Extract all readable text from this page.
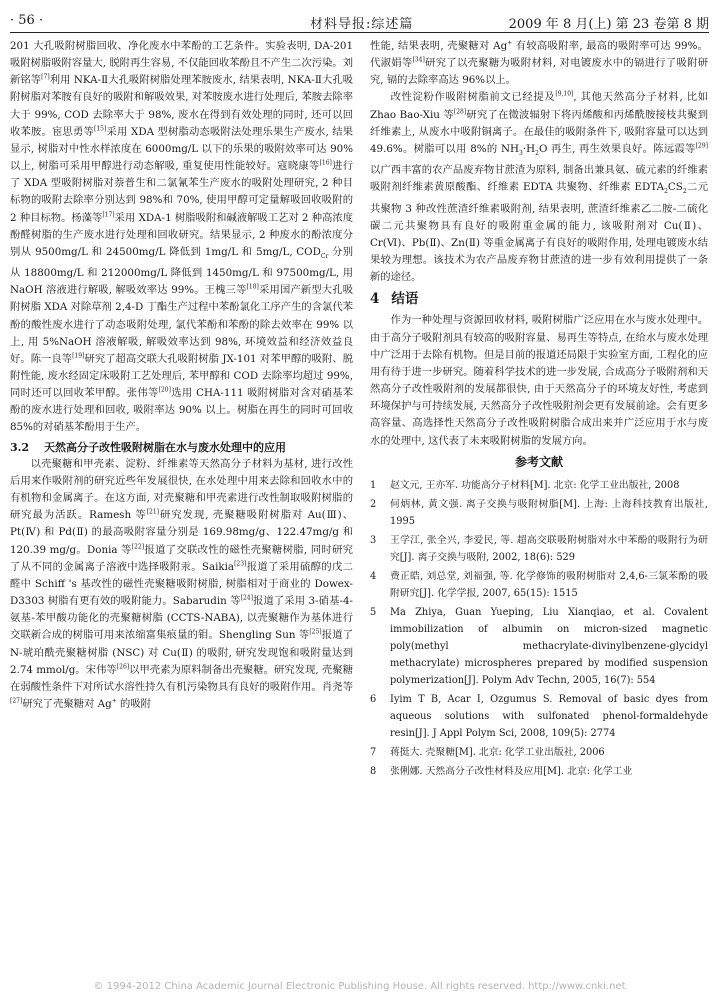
· 56 ·	材料导报:综述篇	2009 年 8 月(上) 第 23 卷第 8 期

201 大孔吸附树脂回收、净化废水中苯酚的工艺条件。实验表明, DA-201 吸附树脂吸附容量大, 脱附再生容易, 不仅能回收苯酚且不产生二次污染。刘新铭等[7]利用 NKA-Ⅱ大孔吸附树脂处理苯胺废水, 结果表明, NKA-Ⅱ大孔吸附树脂对苯胺有良好的吸附和解吸效果, 对苯胺废水进行处理后, 苯胺去除率大于 99%, COD 去除率大于 98%, 废水在得到有效处理的同时, 还可以回收苯胺。宦思勇等[15]采用 XDA 型树脂动态吸附法处理乐果生产废水, 结果显示, 树脂对中性水样浓度在 6000mg/L 以下的乐果的吸附效率可达 90%以上, 树脂可采用甲醇进行动态解吸, 重复使用性能较好。寇晓康等[16]进行了 XDA 型吸附树脂对萘普生和二氯氰苯生产废水的吸附处理研究, 2 种目标物的吸附去除率分别达到 98%和 70%, 使用甲醇可定量解吸回收吸附的 2 种目标物。杨藻等[17]采用 XDA-1 树脂吸附和碱液解吸工艺对 2 种高浓度酚醛树脂的生产废水进行处理和回收研究。结果显示, 2 种废水的酚浓度分别从 9500mg/L 和 24500mg/L 降低到 1mg/L 和 5mg/L, $COD_{Cr}$ 分别从 18800mg/L 和 212000mg/L 降低到 1450mg/L 和 97500mg/L, 用 NaOH 溶液进行解吸, 解吸效率达 99%。王槐三等[18]采用国产新型大孔吸附树脂 XDA 对除草剂 2,4-D 丁酯生产过程中苯酚氯化工序产生的含氯代苯酚的酸性废水进行了动态吸附处理, 氯代苯酚和苯酚的除去效率在 99% 以上, 用 5%NaOH 溶液解吸, 解吸效率达到 98%, 环境效益和经济效益良好。陈一良等[19]研究了超高交联大孔吸附树脂 JX-101 对苯甲醇的吸附、脱附性能, 废水经固定床吸附工艺处理后, 苯甲醇和 COD 去除率均超过 99%, 同时还可以回收苯甲醇。张伟等[20]选用 CHA-111 吸附树脂对含对硝基苯酚的废水进行处理和回收, 吸附率达 90% 以上。树脂在再生的同时可回收 85%的对硝基苯酚用于生产。

3.2	天然高分子改性吸附树脂在水与废水处理中的应用

以壳聚糖和甲壳素、淀粉、纤维素等天然高分子材料为基材, 进行改性后用来作吸附剂的研究近些年发展很快, 在水处理中用来去除和回收水中的有机物和金属离子。在这方面, 对壳聚糖和甲壳素进行改性制取吸附树脂的研究最为活跃。Ramesh 等[21]研究发现, 壳聚糖吸附树脂对 Au(Ⅲ)、Pt(Ⅳ) 和 Pd(Ⅱ) 的最高吸附容量分别是 169.98mg/g、122.47mg/g 和 120.39 mg/g。Donia 等[22]报道了交联改性的磁性壳聚糖树脂, 同时研究了从不同的金属离子溶液中选择吸附汞。Saikia[23]报道了采用硫醇的戊二醛中 Schiff 's 基改性的磁性壳聚糖吸附树脂, 树脂相对于商业的 Dowex-D3303 树脂有更有效的吸附能力。Sabarudin 等[24]报道了采用 3-硝基-4-氨基-苯甲酸功能化的壳聚糖树脂 (CCTS-NABA), 以壳聚糖作为基体进行交联新合成的树脂可用来浓缩富集痕量的钼。Shengling Sun 等[25]报道了 N-琥珀酰壳聚糖树脂 (NSC) 对 Cu(Ⅱ) 的吸附, 研究发现饱和吸附量达到 2.74 mmol/g。宋伟等[26]以甲壳素为原料制备出壳聚糖。研究发现, 壳聚糖在弱酸性条件下对所试水溶性持久有机污染物具有良好的吸附作用。肖尧等[27]研究了壳聚糖对 Ag+ 的吸附

性能, 结果表明, 壳聚糖对 Ag+ 有较高吸附率, 最高的吸附率可达 99%。代淑娟等[34]研究了以壳聚糖为吸附材料, 对电镀废水中的镉进行了吸附研究, 镉的去除率高达 96%以上。

改性淀粉作吸附树脂前文已经提及[9,10], 其他天然高分子材料, 比如 Zhao Bao-Xiu 等[28]研究了在微波辐射下将丙烯酸和丙烯酰胺接枝共聚到纤维素上, 从废水中吸附铜离子。在最佳的吸附条件下, 吸附容量可以达到 49.6%。树脂可以用 8%的 $NH_3\cdot H_2O$ 再生, 再生效果良好。陈远霞等[29]以广西丰富的农产品废弃物甘蔗渣为原料, 制备出兼具氨、硫元素的纤维素吸附剂纤维素黄原酸酯、纤维素 EDTA 共聚物、纤维素 $EDTA_2CS_2$二元共聚物 3 种改性蔗渣纤维素吸附剂, 结果表明, 蔗渣纤维素乙二胺-二硫化碳二元共聚物具有良好的吸附重金属的能力, 该吸附剂对 Cu(Ⅱ)、Cr(Ⅵ)、Pb(Ⅱ)、Zn(Ⅱ) 等重金属离子有良好的吸附作用, 处理电镀废水结果较为理想。该技术为农产品废弃物甘蔗渣的进一步有效利用提供了一条新的途径。

4 结语

作为一种处理与资源回收材料, 吸附树脂广泛应用在水与废水处理中。由于高分子吸附剂具有较高的吸附容量、易再生等特点, 在给水与废水处理中广泛用于去除有机物。但是目前的报道还局限于实验室方面, 工程化的应用有待于进一步研究。随着科学技术的进一步发展, 合成高分子吸附剂和天然高分子改性吸附剂的发展都很快, 由于天然高分子的环境友好性, 考虑到环境保护与可持续发展, 天然高分子改性吸附剂会更有发展前途。会有更多高容量、高选择性天然高分子改性吸附树脂合成出来并广泛应用于水与废水的处理中, 这代表了未来吸附树脂的发展方向。

参考文献
1	赵文元, 王亦军. 功能高分子材料[M]. 北京: 化学工业出版社, 2008
2	何炳林, 黄文强. 离子交换与吸附树脂[M]. 上海: 上海科技教育出版社, 1995
3	王学江, 张全兴, 李爱民, 等. 超高交联吸附树脂对水中苯酚的吸附行为研究[J]. 离子交换与吸附, 2002, 18(6): 529
4	费正皓, 刘总堂, 刘福强, 等. 化学修饰的吸附树脂对 2,4,6-三氯苯酚的吸附研究[J]. 化学学报, 2007, 65(15): 1515
5	Ma Zhiya, Guan Yueping, Liu Xianqiao, et al. Covalent immobilization of albumin on micron-sized magnetic poly(methyl methacrylate-divinylbenzene-glycidyl methacrylate) microspheres prepared by modified suspension polymerization[J]. Polym Adv Techn, 2005, 16(7): 554
6	Iyim T B, Acar I, Ozgumus S. Removal of basic dyes from aqueous solutions with sulfonated phenol-formaldehyde resin[J]. J Appl Polym Sci, 2008, 109(5): 2774
7	蒋挺大. 壳聚糖[M]. 北京: 化学工业出版社, 2006
8	张俐娜. 天然高分子改性材料及应用[M]. 北京: 化学工业
© 1994-2012 China Academic Journal Electronic Publishing House. All rights reserved. http://www.cnki.net
